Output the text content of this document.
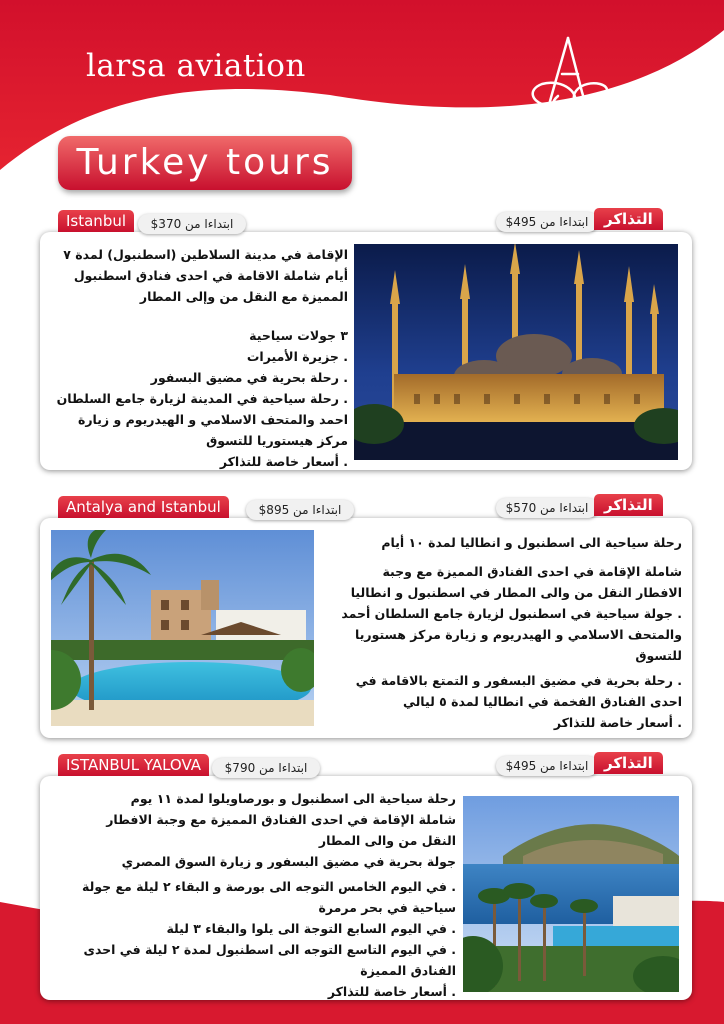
larsa aviation
Turkey tours
Istanbul	$370 ابتداءا من	$495 ابتداءا من	التذاكر

الإقامة في مدينة السلاطين (اسطنبول) لمدة ٧

أيام شاملة الاقامة في احدى فنادق اسطنبول

المميزة مع النقل من وإلى المطار

٣ جولات سياحية

. جزيرة الأميرات

. رحلة بحرية في مضيق البسفور

. رحلة سياحية في المدينة لزيارة جامع السلطان

احمد والمتحف الاسلامي و الهيدريوم و زيارة

مركز هيستوريا للتسوق

. أسعار خاصة للتذاكر

Antalya and Istanbul	$895 ابتداءا من	$570 ابتداءا من	التذاكر

رحلة سياحية الى اسطنبول و انطاليا لمدة ١٠ أيام

شاملة الإقامة في احدى الفنادق المميزة مع وجبة

الافطار النقل من والى المطار في اسطنبول و انطاليا

. جولة سياحية في اسطنبول لزيارة جامع السلطان أحمد

والمتحف الاسلامي و الهيدريوم و زيارة مركز هستوريا

للتسوق

. رحلة بحرية في مضيق البسفور و التمتع بالاقامة في

احدى الفنادق الفخمة في انطاليا لمدة ٥ ليالي

. أسعار خاصة للتذاكر

ISTANBUL YALOVA	$790 ابتداءا من	$495 ابتداءا من	التذاكر

رحلة سياحية الى اسطنبول و بورصاويلوا لمدة ١١ يوم

شاملة الإقامة في احدى الفنادق المميزة مع وجبة الافطار

النقل من والى المطار

جولة بحرية في مضيق البسفور و زيارة السوق المصري

. في اليوم الخامس التوجه الى بورصة و البقاء ٢ ليلة مع جولة

سياحية في بحر مرمرة

. في اليوم السابع التوجة الى يلوا والبقاء ٣ ليلة

. في اليوم التاسع التوجه الى اسطنبول لمدة ٢ ليلة في احدى

الفنادق المميزة

. أسعار خاصة للتذاكر
